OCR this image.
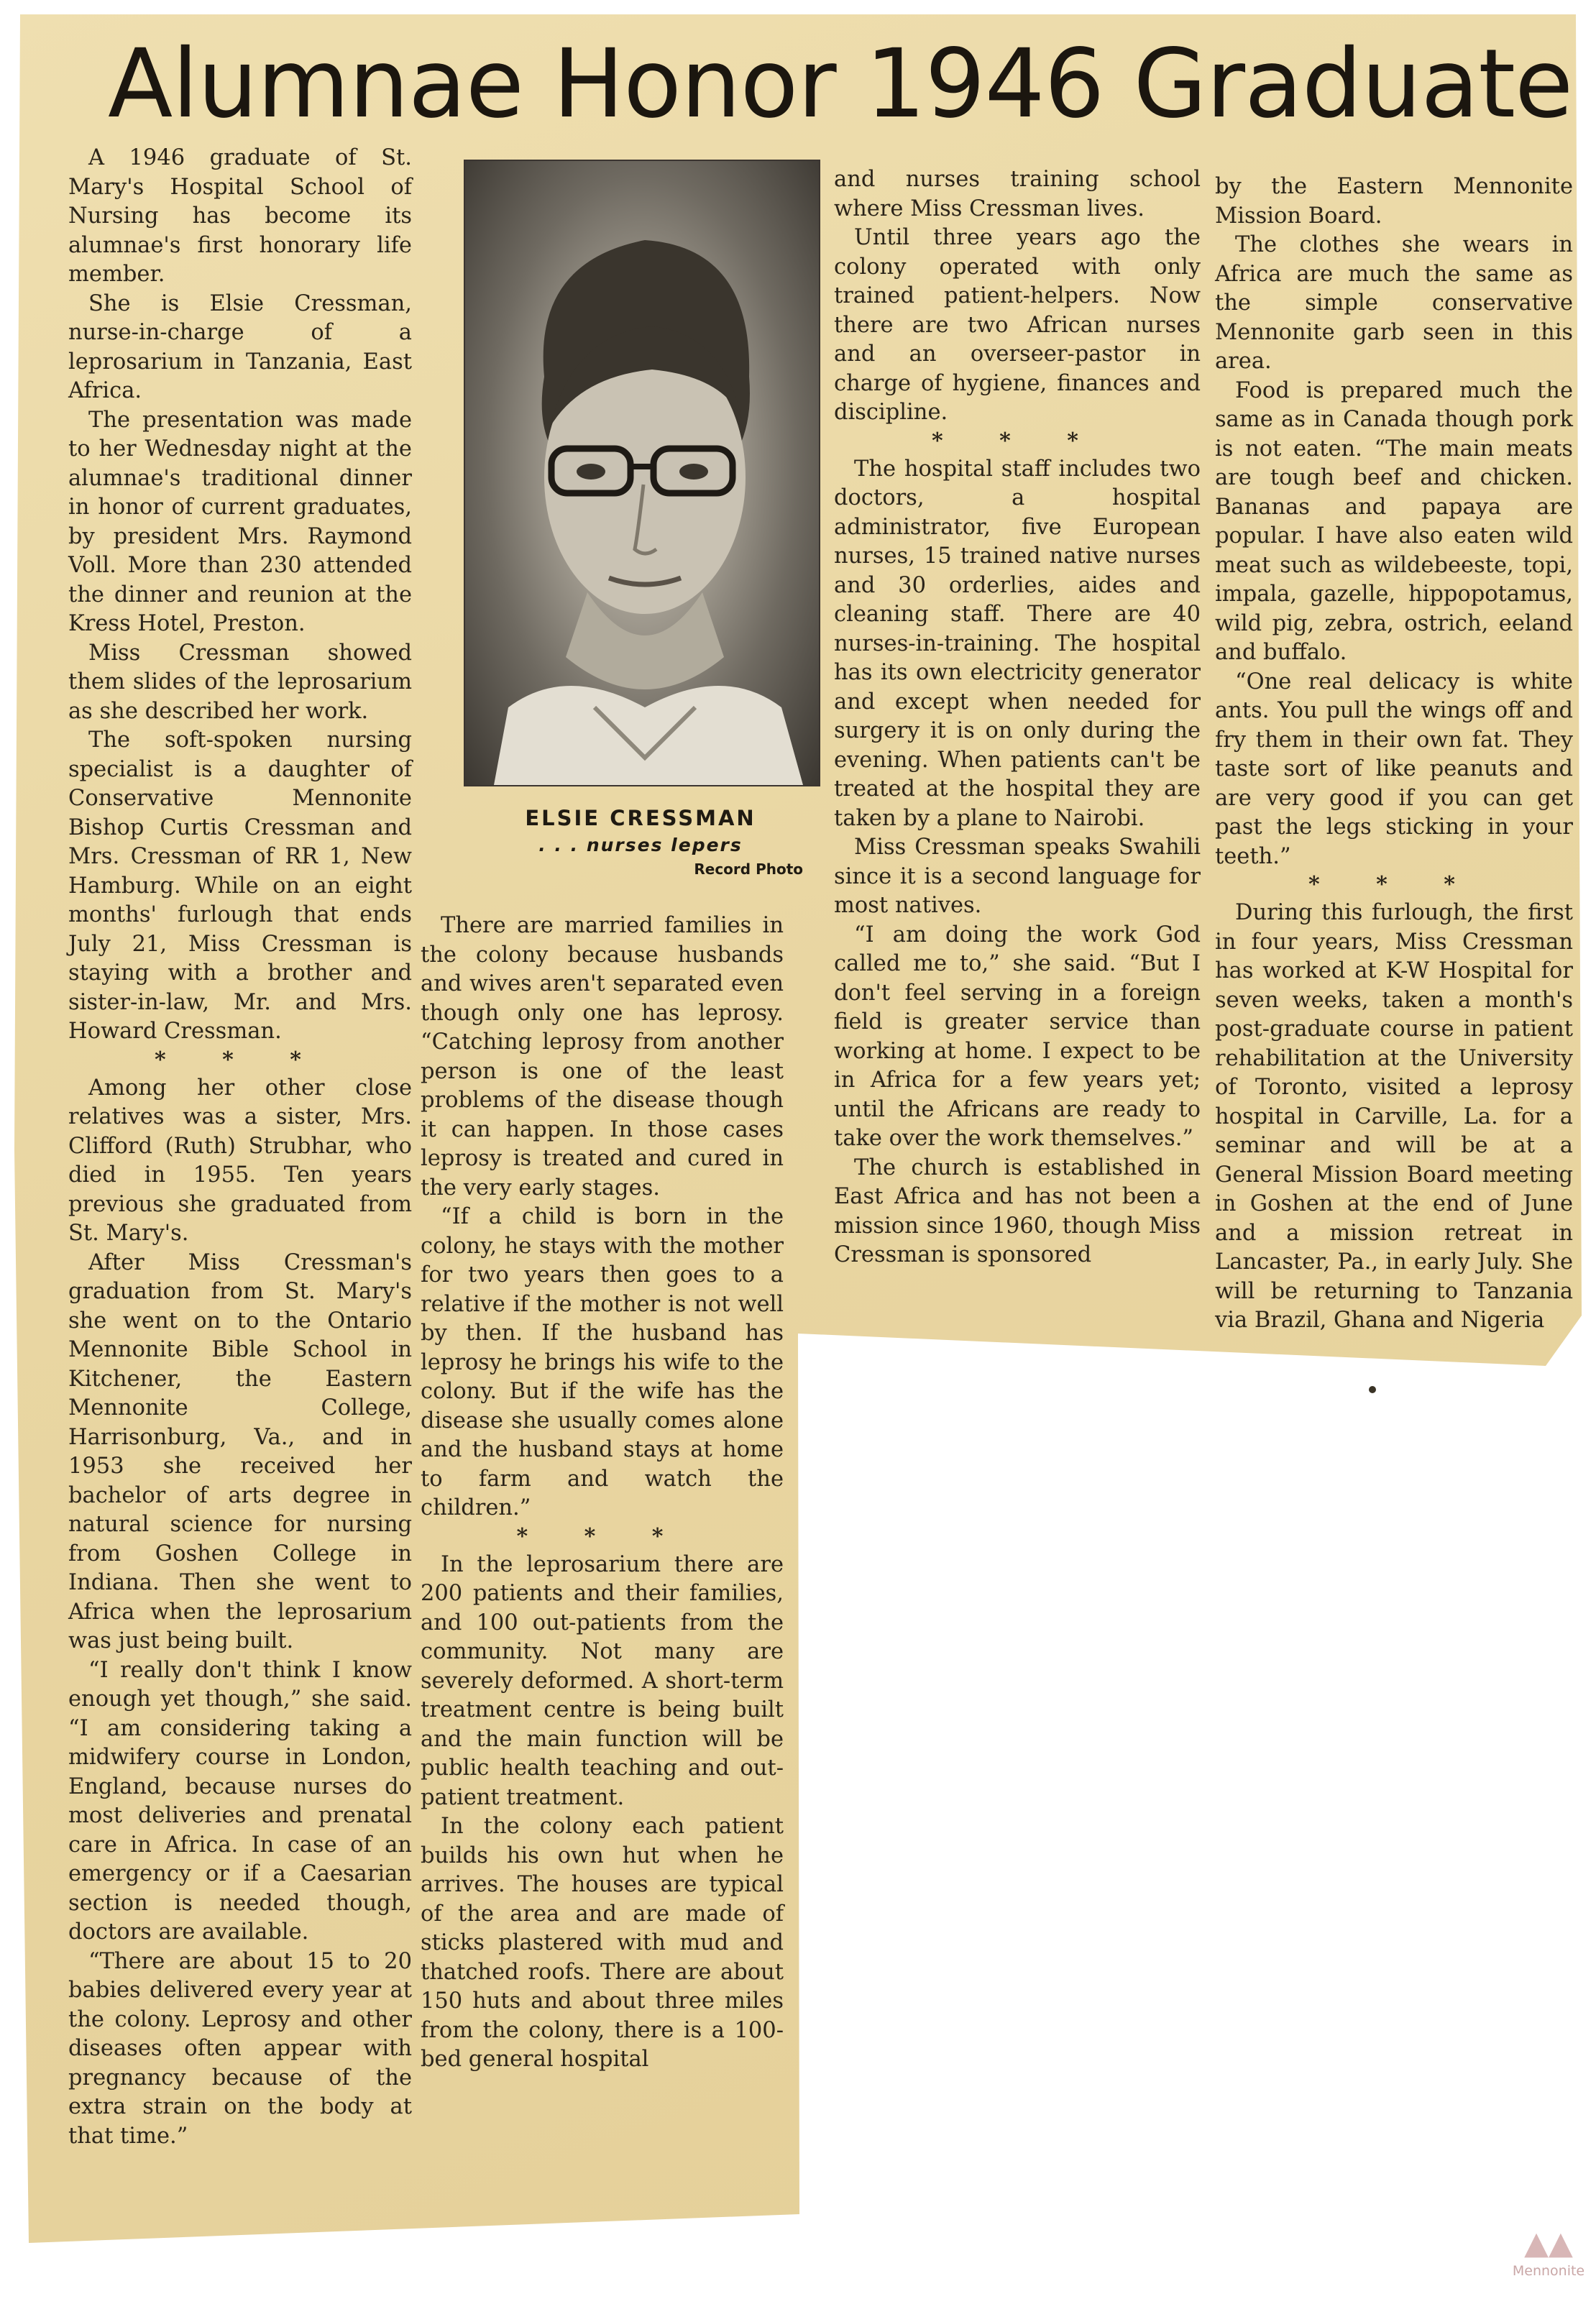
Alumnae Honor 1946 Graduate

A 1946 graduate of St. Mary's Hospital School of Nursing has become its alumnae's first honorary life member.

She is Elsie Cressman, nurse-in-charge of a leprosarium in Tanzania, East Africa.

The presentation was made to her Wednesday night at the alumnae's traditional dinner in honor of current graduates, by president Mrs. Raymond Voll. More than 230 attended the dinner and reunion at the Kress Hotel, Preston.

Miss Cressman showed them slides of the leprosarium as she described her work.

The soft-spoken nursing specialist is a daughter of Conservative Mennonite Bishop Curtis Cressman and Mrs. Cressman of RR 1, New Hamburg. While on an eight months' furlough that ends July 21, Miss Cressman is staying with a brother and sister-in-law, Mr. and Mrs. Howard Cressman.

* * *

Among her other close relatives was a sister, Mrs. Clifford (Ruth) Strubhar, who died in 1955. Ten years previous she graduated from St. Mary's.

After Miss Cressman's graduation from St. Mary's she went on to the Ontario Mennonite Bible School in Kitchener, the Eastern Mennonite College, Harrisonburg, Va., and in 1953 she received her bachelor of arts degree in natural science for nursing from Goshen College in Indiana. Then she went to Africa when the leprosarium was just being built.

“I really don't think I know enough yet though,” she said. “I am considering taking a midwifery course in London, England, because nurses do most deliveries and prenatal care in Africa. In case of an emergency or if a Caesarian section is needed though, doctors are available.

“There are about 15 to 20 babies delivered every year at the colony. Leprosy and other diseases often appear with pregnancy because of the extra strain on the body at that time.”

ELSIE CRESSMAN
. . . nurses lepers
Record Photo

There are married families in the colony because husbands and wives aren't separated even though only one has leprosy. “Catching leprosy from another person is one of the least problems of the disease though it can happen. In those cases leprosy is treated and cured in the very early stages.

“If a child is born in the colony, he stays with the mother for two years then goes to a relative if the mother is not well by then. If the husband has leprosy he brings his wife to the colony. But if the wife has the disease she usually comes alone and the husband stays at home to farm and watch the children.”

* * *

In the leprosarium there are 200 patients and their families, and 100 out-patients from the community. Not many are severely deformed. A short-term treatment centre is being built and the main function will be public health teaching and out-patient treatment.

In the colony each patient builds his own hut when he arrives. The houses are typical of the area and are made of sticks plastered with mud and thatched roofs. There are about 150 huts and about three miles from the colony, there is a 100-bed general hospital

and nurses training school where Miss Cressman lives.

Until three years ago the colony operated with only trained patient-helpers. Now there are two African nurses and an overseer-pastor in charge of hygiene, finances and discipline.

* * *

The hospital staff includes two doctors, a hospital administrator, five European nurses, 15 trained native nurses and 30 orderlies, aides and cleaning staff. There are 40 nurses-in-training. The hospital has its own electricity generator and except when needed for surgery it is on only during the evening. When patients can't be treated at the hospital they are taken by a plane to Nairobi.

Miss Cressman speaks Swahili since it is a second language for most natives.

“I am doing the work God called me to,” she said. “But I don't feel serving in a foreign field is greater service than working at home. I expect to be in Africa for a few years yet; until the Africans are ready to take over the work themselves.”

The church is established in East Africa and has not been a mission since 1960, though Miss Cressman is sponsored

by the Eastern Mennonite Mission Board.

The clothes she wears in Africa are much the same as the simple conservative Mennonite garb seen in this area.

Food is prepared much the same as in Canada though pork is not eaten. “The main meats are tough beef and chicken. Bananas and papaya are popular. I have also eaten wild meat such as wildebeeste, topi, impala, gazelle, hippopotamus, wild pig, zebra, ostrich, eeland and buffalo.

“One real delicacy is white ants. You pull the wings off and fry them in their own fat. They taste sort of like peanuts and are very good if you can get past the legs sticking in your teeth.”

* * *

During this furlough, the first in four years, Miss Cressman has worked at K-W Hospital for seven weeks, taken a month's post-graduate course in patient rehabilitation at the University of Toronto, visited a leprosy hospital in Carville, La. for a seminar and will be at a General Mission Board meeting in Goshen at the end of June and a mission retreat in Lancaster, Pa., in early July. She will be returning to Tanzania via Brazil, Ghana and Nigeria

▲▲
Mennonite
